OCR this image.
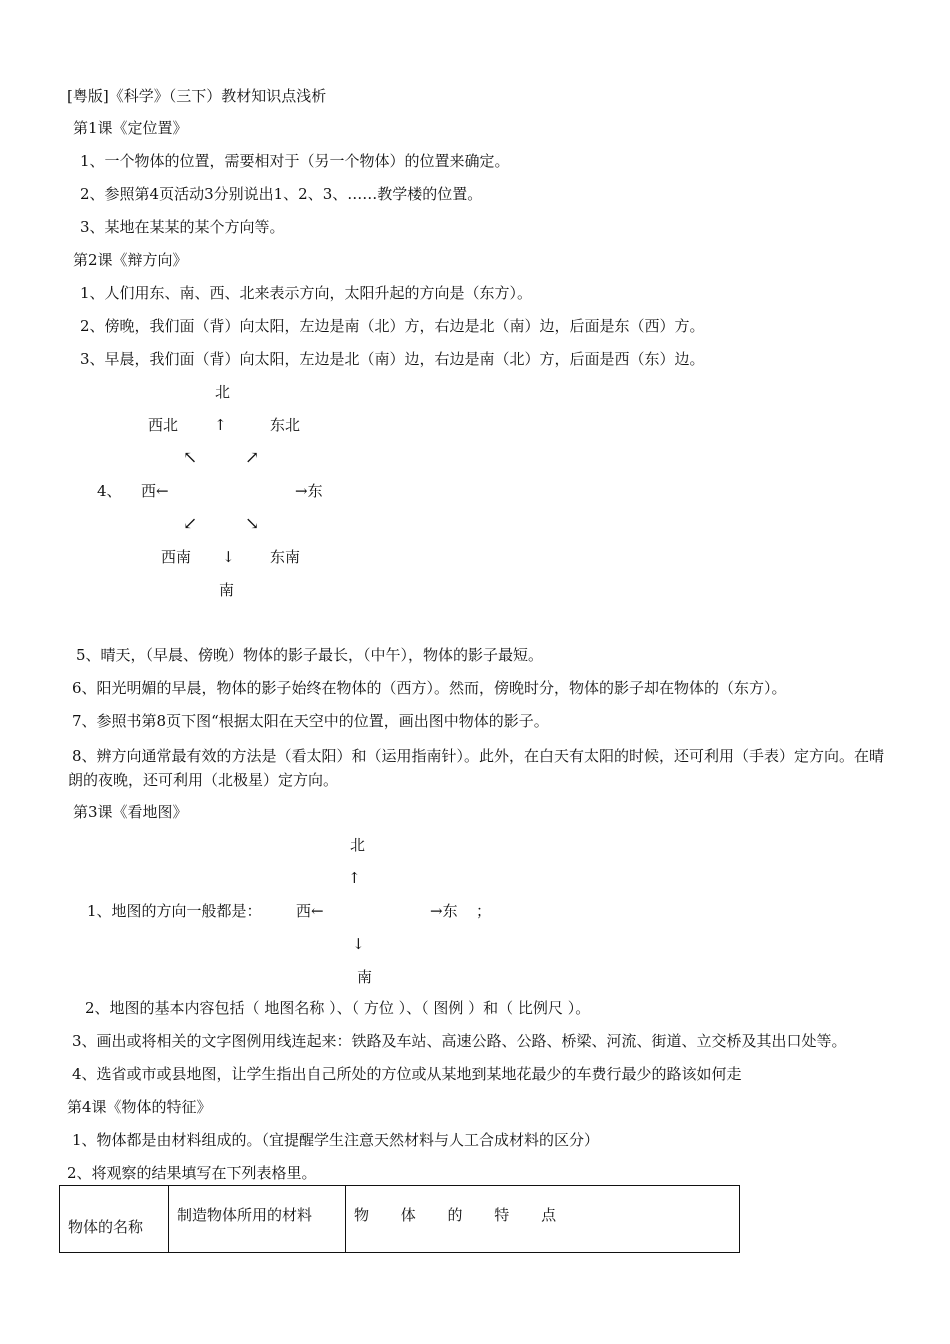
[粤版]《科学》（三下）教材知识点浅析
第1课《定位置》
1、一个物体的位置，需要相对于（另一个物体）的位置来确定。
2、参照第4页活动3分别说出1、2、3、……教学楼的位置。
3、某地在某某的某个方向等。
第2课《辩方向》
1、人们用东、南、西、北来表示方向，太阳升起的方向是（东方）。
2、傍晚，我们面（背）向太阳，左边是南（北）方，右边是北（南）边，后面是东（西）方。
3、早晨，我们面（背）向太阳，左边是北（南）边，右边是南（北）方，后面是西（东）边。
北
西北 ↑	东北
↖	↗
4、 西←	→东
↙	↘
西南 ↓ 东南
南
5、晴天，（早晨、傍晚）物体的影子最长，（中午），物体的影子最短。
6、阳光明媚的早晨，物体的影子始终在物体的（西方）。然而，傍晚时分，物体的影子却在物体的（东方）。
7、参照书第8页下图“根据太阳在天空中的位置，画出图中物体的影子。
8、辨方向通常最有效的方法是（看太阳）和（运用指南针）。此外，在白天有太阳的时候，还可利用（手表）定方向。在晴朗的夜晚，还可利用（北极星）定方向。
第3课《看地图》
北
↑
1、地图的方向一般都是： 西←	→东 ；
↓
南
2、地图的基本内容包括（ 地图名称 ）、（ 方位 ）、（ 图例 ）和（ 比例尺 ）。
3、画出或将相关的文字图例用线连起来：铁路及车站、高速公路、公路、桥梁、河流、街道、立交桥及其出口处等。
4、选省或市或县地图，让学生指出自己所处的方位或从某地到某地花最少的车费行最少的路该如何走
第4课《物体的特征》
1、物体都是由材料组成的。（宜提醒学生注意天然材料与人工合成材料的区分）
2、将观察的结果填写在下列表格里。
物体的名称	制造物体所用的材料	物 体 的 特 点
